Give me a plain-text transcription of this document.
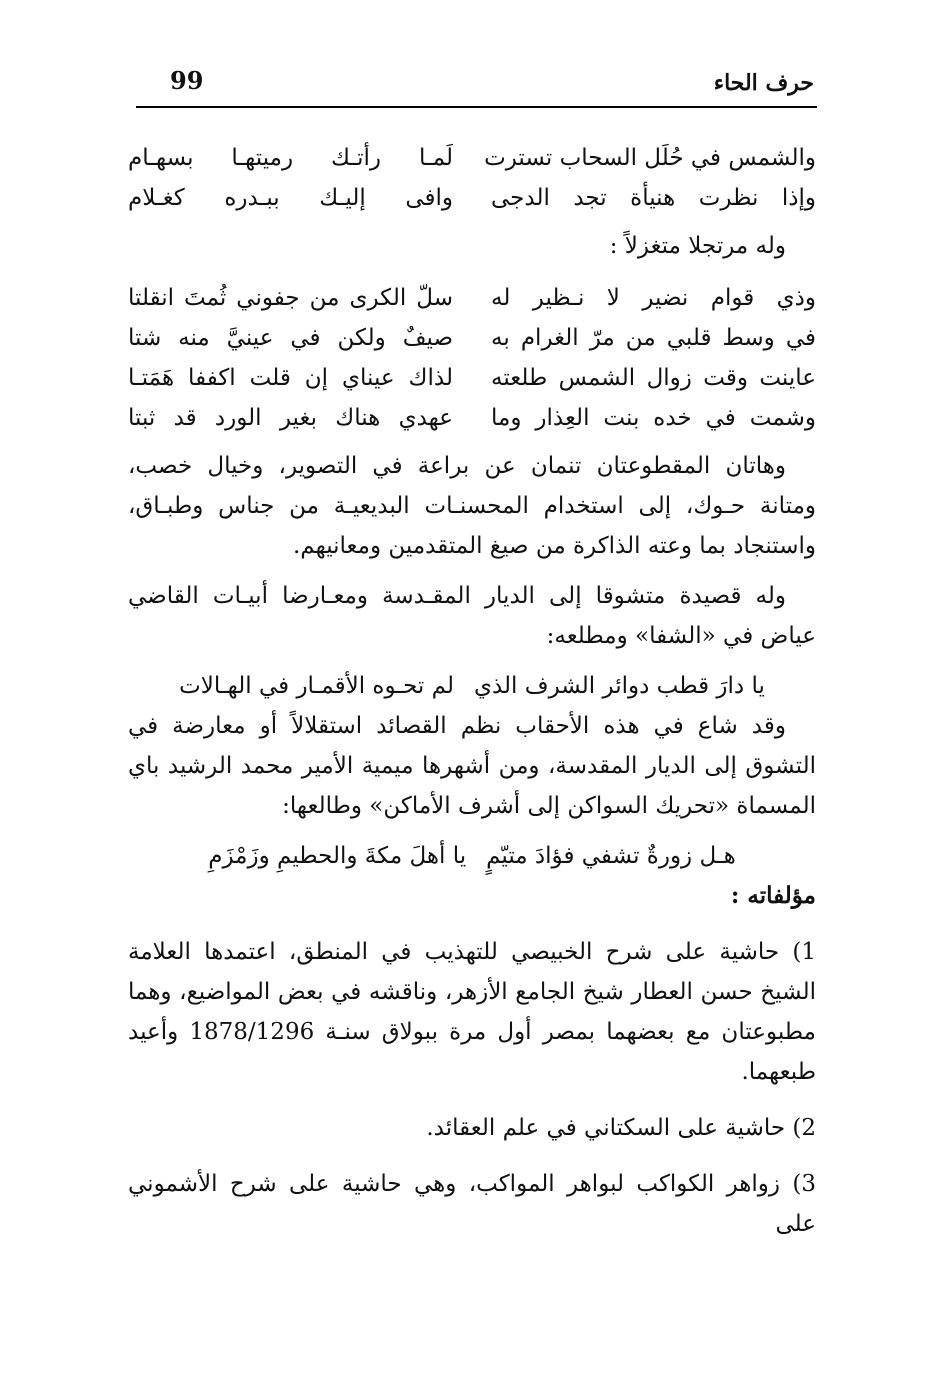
حرف الحاء
99
والشمس في حُلَل السحاب تسترت
لَمـا رأتـك رميتهـا بسهـام
وإذا نظرت هنيأة تجد الدجى
وافى إليـك ببـدره كغـلام
وله مرتجلا متغزلاً :
وذي قوام نضير لا نـظير له
سلّ الكرى من جفوني ثُمتَ انقلتا
في وسط قلبي من مرّ الغرام به
صيفٌ ولكن في عينيَّ منه شتا
عاينت وقت زوال الشمس طلعته
لذاك عيناي إن قلت اكففا هَمَتـا
وشمت في خده بنت العِذار وما
عهدي هناك بغير الورد قد ثبتا

وهاتان المقطوعتان تنمان عن براعة في التصوير، وخيال خصب، ومتانة حـوك، إلى استخدام المحسنـات البديعيـة من جناس وطبـاق، واستنجاد بما وعته الذاكرة من صيغ المتقدمين ومعانيهم.

وله قصيدة متشوقا إلى الديار المقـدسة ومعـارضا أبيـات القاضي عياض في «الشفا» ومطلعه:

يا دارَ قطب دوائر الشرف الذي
لم تحـوه الأقمـار في الهـالات

وقد شاع في هذه الأحقاب نظم القصائد استقلالاً أو معارضة في التشوق إلى الديار المقدسة، ومن أشهرها ميمية الأمير محمد الرشيد باي المسماة «تحريك السواكن إلى أشرف الأماكن» وطالعها:

هـل زورةٌ تشفي فؤادَ متيّمٍ
يا أهلَ مكةَ والحطيمِ وزَمْزَمِ
مؤلفاته :

1) حاشية على شرح الخبيصي للتهذيب في المنطق، اعتمدها العلامة الشيخ حسن العطار شيخ الجامع الأزهر، وناقشه في بعض المواضيع، وهما مطبوعتان مع بعضهما بمصر أول مرة ببولاق سنـة 1878/1296 وأعيد طبعهما.

2) حاشية على السكتاني في علم العقائد.

3) زواهر الكواكب لبواهر المواكب، وهي حاشية على شرح الأشموني على
